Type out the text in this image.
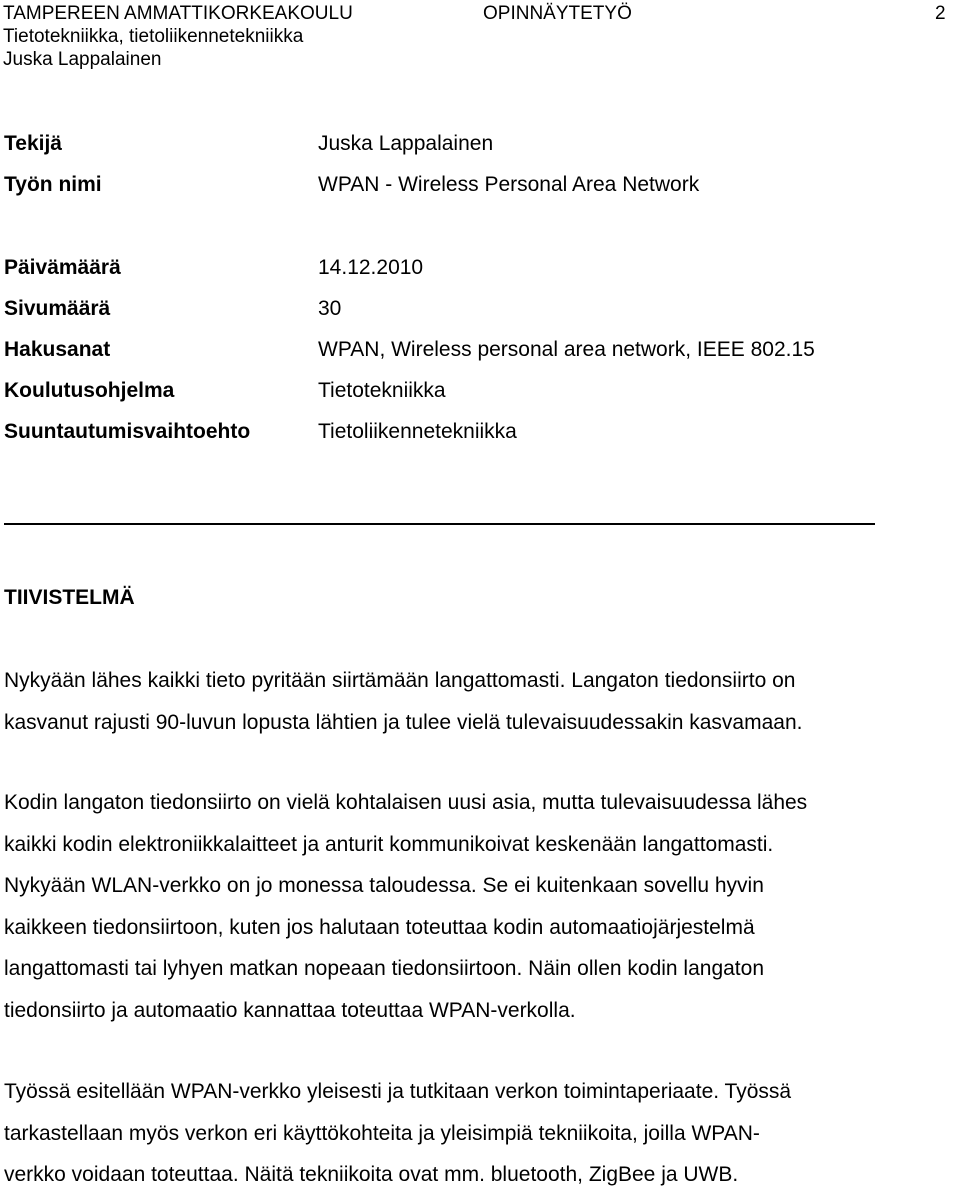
TAMPEREEN AMMATTIKORKEAKOULU	OPINNÄYTETYÖ	2
Tietotekniikka, tietoliikennetekniikka
Juska Lappalainen
Tekijä	Juska Lappalainen
Työn nimi	WPAN - Wireless Personal Area Network
Päivämäärä	14.12.2010
Sivumäärä	30
Hakusanat	WPAN, Wireless personal area network, IEEE 802.15
Koulutusohjelma	Tietotekniikka
Suuntautumisvaihtoehto	Tietoliikennetekniikka
TIIVISTELMÄ
Nykyään lähes kaikki tieto pyritään siirtämään langattomasti. Langaton tiedonsiirto on
kasvanut rajusti 90-luvun lopusta lähtien ja tulee vielä tulevaisuudessakin kasvamaan.
Kodin langaton tiedonsiirto on vielä kohtalaisen uusi asia, mutta tulevaisuudessa lähes
kaikki kodin elektroniikkalaitteet ja anturit kommunikoivat keskenään langattomasti.
Nykyään WLAN-verkko on jo monessa taloudessa. Se ei kuitenkaan sovellu hyvin
kaikkeen tiedonsiirtoon, kuten jos halutaan toteuttaa kodin automaatiojärjestelmä
langattomasti tai lyhyen matkan nopeaan tiedonsiirtoon. Näin ollen kodin langaton
tiedonsiirto ja automaatio kannattaa toteuttaa WPAN-verkolla.
Työssä esitellään WPAN-verkko yleisesti ja tutkitaan verkon toimintaperiaate. Työssä
tarkastellaan myös verkon eri käyttökohteita ja yleisimpiä tekniikoita, joilla WPAN-
verkko voidaan toteuttaa. Näitä tekniikoita ovat mm. bluetooth, ZigBee ja UWB.
